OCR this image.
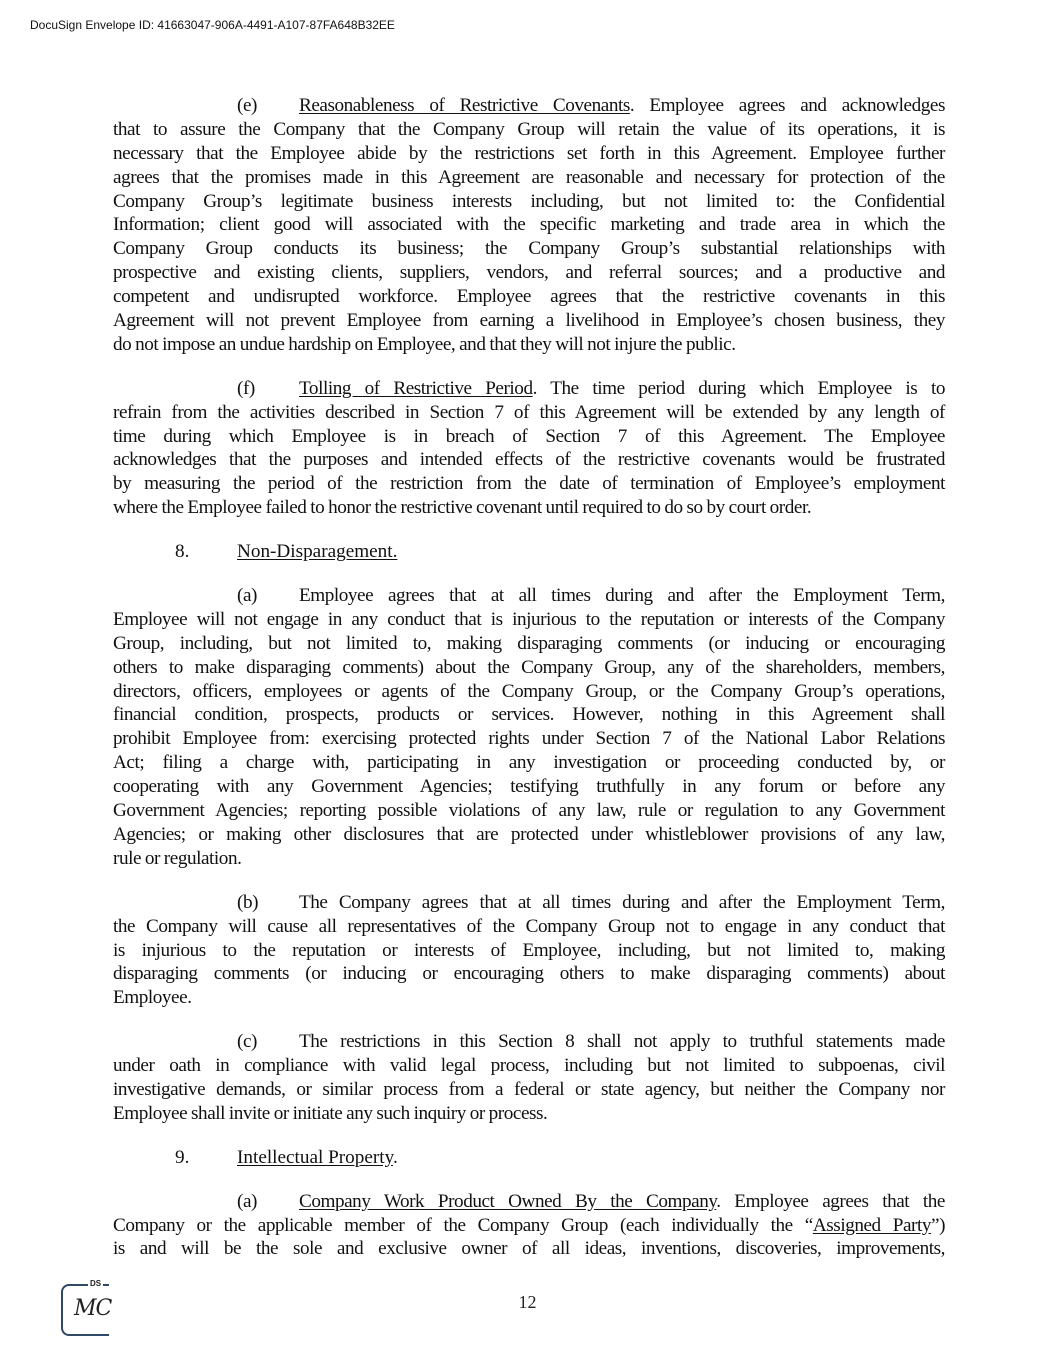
DocuSign Envelope ID: 41663047-906A-4491-A107-87FA648B32EE
(e) Reasonableness of Restrictive Covenants. Employee agrees and acknowledges
that to assure the Company that the Company Group will retain the value of its operations, it is
necessary that the Employee abide by the restrictions set forth in this Agreement. Employee further
agrees that the promises made in this Agreement are reasonable and necessary for protection of the
Company Group’s legitimate business interests including, but not limited to: the Confidential
Information; client good will associated with the specific marketing and trade area in which the
Company Group conducts its business; the Company Group’s substantial relationships with
prospective and existing clients, suppliers, vendors, and referral sources; and a productive and
competent and undisrupted workforce. Employee agrees that the restrictive covenants in this
Agreement will not prevent Employee from earning a livelihood in Employee’s chosen business, they
do not impose an undue hardship on Employee, and that they will not injure the public.
(f) Tolling of Restrictive Period. The time period during which Employee is to
refrain from the activities described in Section 7 of this Agreement will be extended by any length of
time during which Employee is in breach of Section 7 of this Agreement. The Employee
acknowledges that the purposes and intended effects of the restrictive covenants would be frustrated
by measuring the period of the restriction from the date of termination of Employee’s employment
where the Employee failed to honor the restrictive covenant until required to do so by court order.
8. Non-Disparagement.
(a) Employee agrees that at all times during and after the Employment Term,
Employee will not engage in any conduct that is injurious to the reputation or interests of the Company
Group, including, but not limited to, making disparaging comments (or inducing or encouraging
others to make disparaging comments) about the Company Group, any of the shareholders, members,
directors, officers, employees or agents of the Company Group, or the Company Group’s operations,
financial condition, prospects, products or services. However, nothing in this Agreement shall
prohibit Employee from: exercising protected rights under Section 7 of the National Labor Relations
Act; filing a charge with, participating in any investigation or proceeding conducted by, or
cooperating with any Government Agencies; testifying truthfully in any forum or before any
Government Agencies; reporting possible violations of any law, rule or regulation to any Government
Agencies; or making other disclosures that are protected under whistleblower provisions of any law,
rule or regulation.
(b) The Company agrees that at all times during and after the Employment Term,
the Company will cause all representatives of the Company Group not to engage in any conduct that
is injurious to the reputation or interests of Employee, including, but not limited to, making
disparaging comments (or inducing or encouraging others to make disparaging comments) about
Employee.
(c) The restrictions in this Section 8 shall not apply to truthful statements made
under oath in compliance with valid legal process, including but not limited to subpoenas, civil
investigative demands, or similar process from a federal or state agency, but neither the Company nor
Employee shall invite or initiate any such inquiry or process.
9. Intellectual Property.
(a) Company Work Product Owned By the Company. Employee agrees that the
Company or the applicable member of the Company Group (each individually the “Assigned Party”)
is and will be the sole and exclusive owner of all ideas, inventions, discoveries, improvements,
DS
MC	12
